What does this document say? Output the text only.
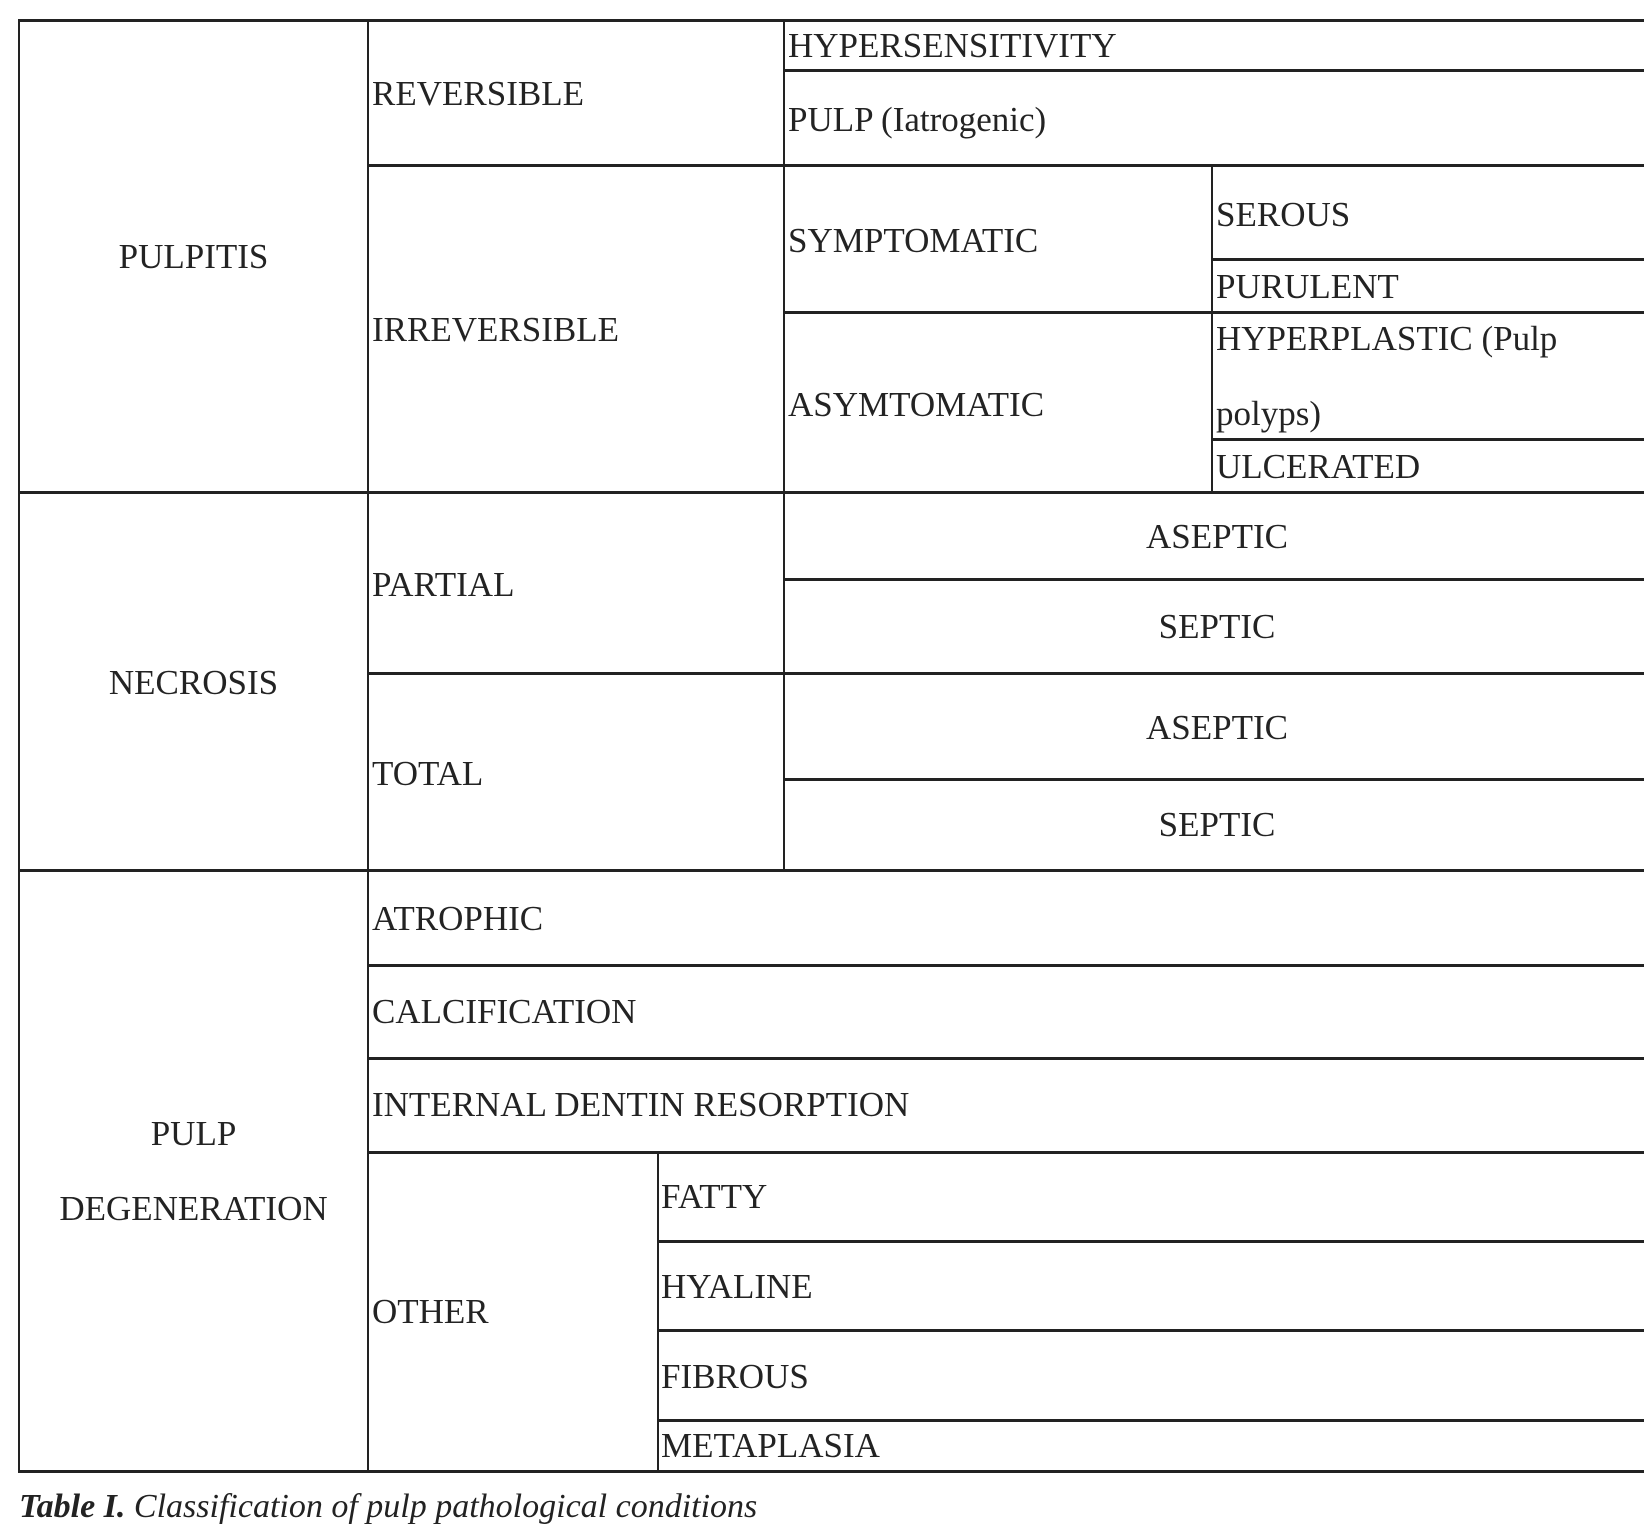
PULPITIS
REVERSIBLE
HYPERSENSITIVITY
PULP (Iatrogenic)
IRREVERSIBLE
SYMPTOMATIC
SEROUS
PURULENT
ASYMTOMATIC
HYPERPLASTIC (Pulp
polyps)
ULCERATED
NECROSIS
PARTIAL
ASEPTIC
SEPTIC
TOTAL
ASEPTIC
SEPTIC
PULP
DEGENERATION
ATROPHIC
CALCIFICATION
INTERNAL DENTIN RESORPTION
OTHER
FATTY
HYALINE
FIBROUS
METAPLASIA
Table I. Classification of pulp pathological conditions
